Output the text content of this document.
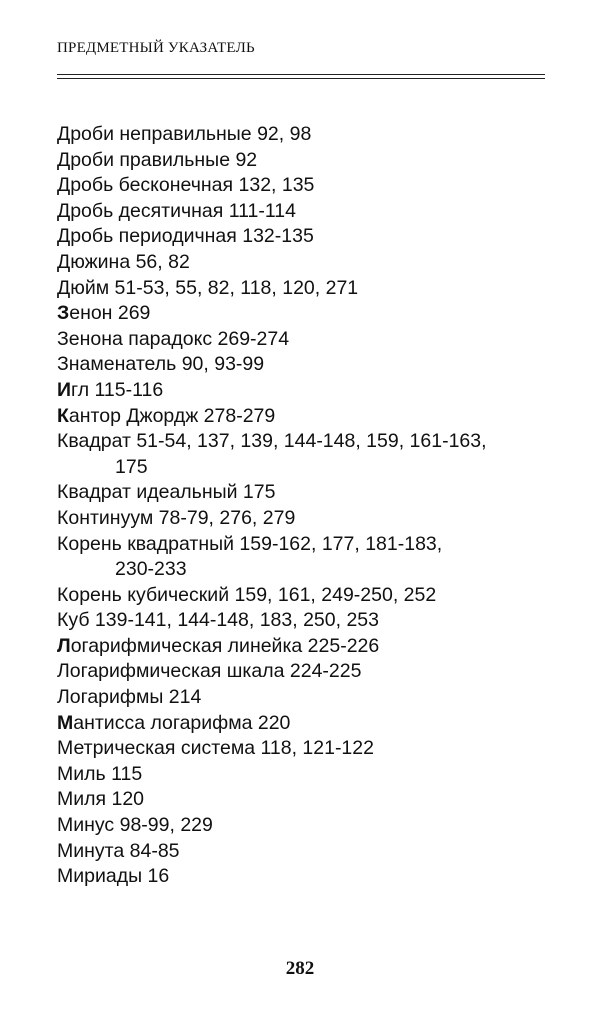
ПРЕДМЕТНЫЙ УКАЗАТЕЛЬ
Дроби неправильные 92, 98
Дроби правильные 92
Дробь бесконечная 132, 135
Дробь десятичная 111-114
Дробь периодичная 132-135
Дюжина 56, 82
Дюйм 51-53, 55, 82, 118, 120, 271
Зенон 269
Зенона парадокс 269-274
Знаменатель 90, 93-99
Игл 115-116
Кантор Джордж 278-279
Квадрат 51-54, 137, 139, 144-148, 159, 161-163,
175
Квадрат идеальный 175
Континуум 78-79, 276, 279
Корень квадратный 159-162, 177, 181-183,
230-233
Корень кубический 159, 161, 249-250, 252
Куб 139-141, 144-148, 183, 250, 253
Логарифмическая линейка 225-226
Логарифмическая шкала 224-225
Логарифмы 214
Мантисса логарифма 220
Метрическая система 118, 121-122
Миль 115
Миля 120
Минус 98-99, 229
Минута 84-85
Мириады 16
282
